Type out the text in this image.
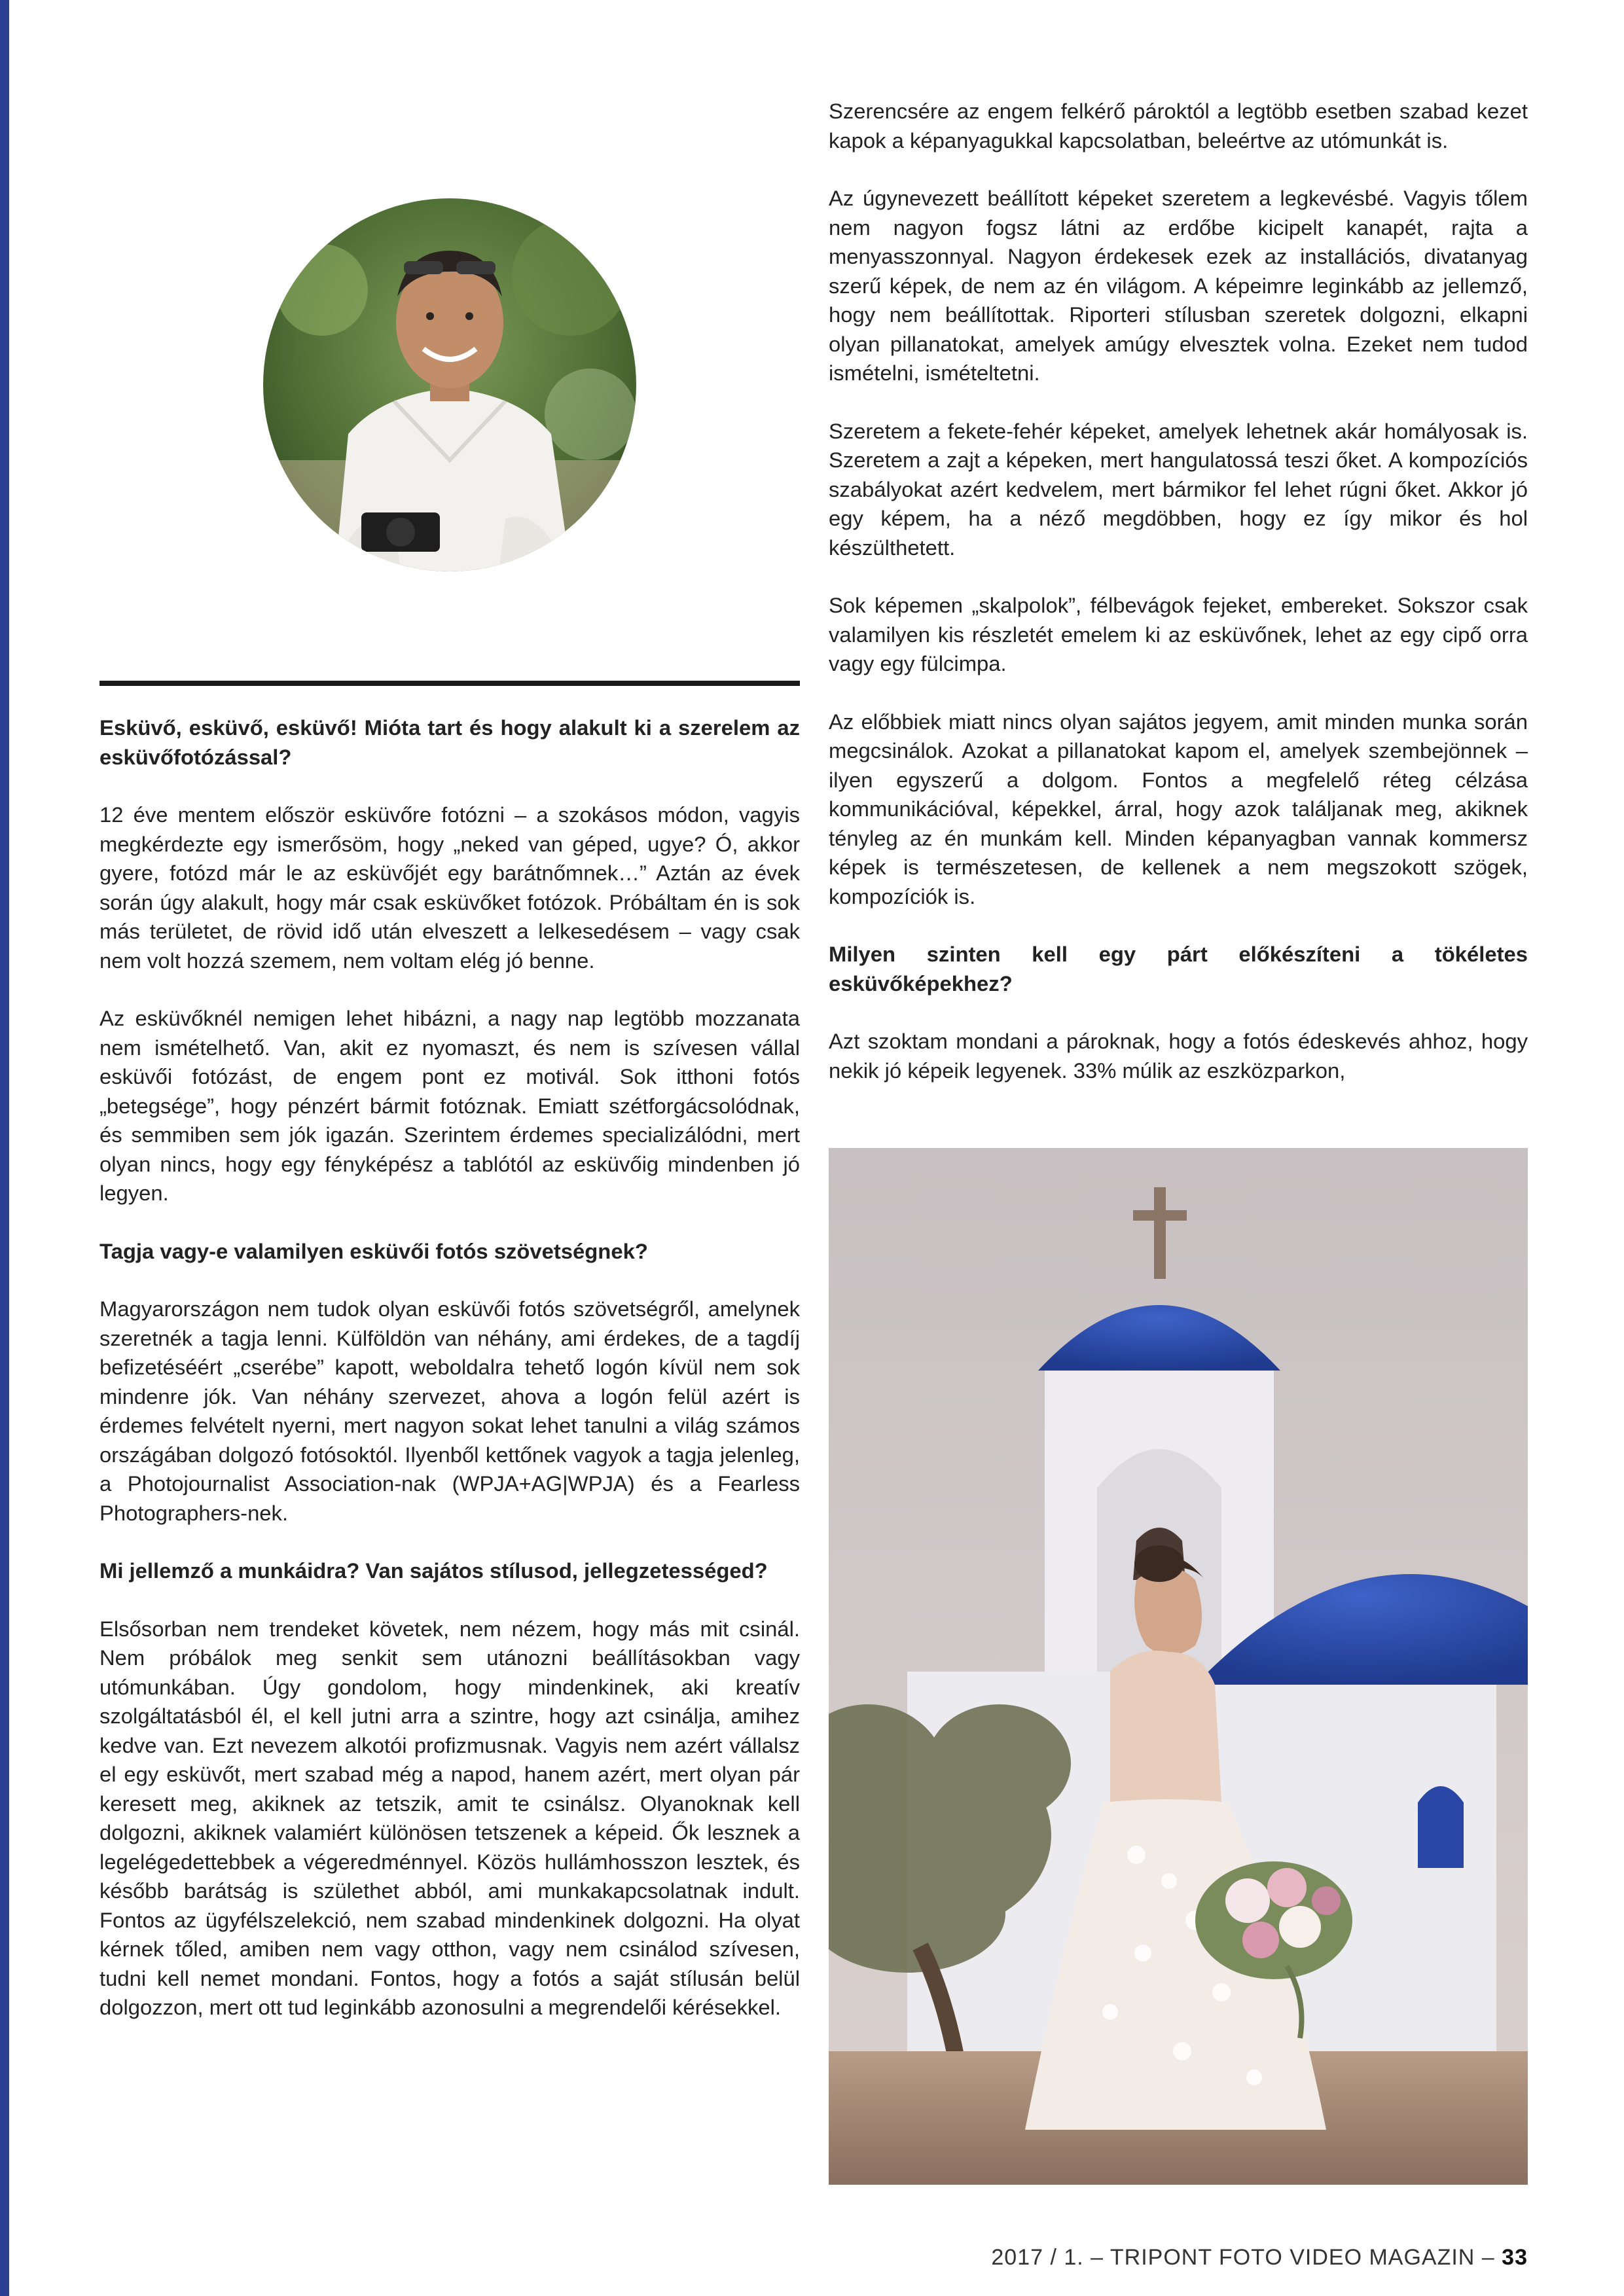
Esküvő, esküvő, esküvő! Mióta tart és hogy alakult ki a szerelem az esküvőfotózással?

12 éve mentem először esküvőre fotózni – a szokásos módon, vagyis megkérdezte egy ismerősöm, hogy „neked van géped, ugye? Ó, akkor gyere, fotózd már le az esküvőjét egy barátnőmnek…” Aztán az évek során úgy alakult, hogy már csak esküvőket fotózok. Próbáltam én is sok más területet, de rövid idő után elveszett a lelkesedésem – vagy csak nem volt hozzá szemem, nem voltam elég jó benne.

Az esküvőknél nemigen lehet hibázni, a nagy nap legtöbb mozzanata nem ismételhető. Van, akit ez nyomaszt, és nem is szívesen vállal esküvői fotózást, de engem pont ez motivál. Sok itthoni fotós „betegsége”, hogy pénzért bármit fotóznak. Emiatt szétforgácsolódnak, és semmiben sem jók igazán. Szerintem érdemes specializálódni, mert olyan nincs, hogy egy fényképész a tablótól az esküvőig mindenben jó legyen.

Tagja vagy-e valamilyen esküvői fotós szövetségnek?

Magyarországon nem tudok olyan esküvői fotós szövetségről, amelynek szeretnék a tagja lenni. Külföldön van néhány, ami érdekes, de a tagdíj befizetéséért „cserébe” kapott, weboldalra tehető logón kívül nem sok mindenre jók. Van néhány szervezet, ahova a logón felül azért is érdemes felvételt nyerni, mert nagyon sokat lehet tanulni a világ számos országában dolgozó fotósoktól. Ilyenből kettőnek vagyok a tagja jelenleg, a Photojournalist Association-nak (WPJA+AG|WPJA) és a Fearless Photographers-nek.

Mi jellemző a munkáidra? Van sajátos stílusod, jellegzetességed?

Elsősorban nem trendeket követek, nem nézem, hogy más mit csinál. Nem próbálok meg senkit sem utánozni beállításokban vagy utómunkában. Úgy gondolom, hogy mindenkinek, aki kreatív szolgáltatásból él, el kell jutni arra a szintre, hogy azt csinálja, amihez kedve van. Ezt nevezem alkotói profizmusnak. Vagyis nem azért vállalsz el egy esküvőt, mert szabad még a napod, hanem azért, mert olyan pár keresett meg, akiknek az tetszik, amit te csinálsz. Olyanoknak kell dolgozni, akiknek valamiért különösen tetszenek a képeid. Ők lesznek a legelégedettebbek a végeredménnyel. Közös hullámhosszon lesztek, és később barátság is születhet abból, ami munkakapcsolatnak indult. Fontos az ügyfélszelekció, nem szabad mindenkinek dolgozni. Ha olyat kérnek tőled, amiben nem vagy otthon, vagy nem csinálod szívesen, tudni kell nemet mondani. Fontos, hogy a fotós a saját stílusán belül dolgozzon, mert ott tud leginkább azonosulni a megrendelői kérésekkel.

Szerencsére az engem felkérő pároktól a legtöbb esetben szabad kezet kapok a képanyagukkal kapcsolatban, beleértve az utómunkát is.

Az úgynevezett beállított képeket szeretem a legkevésbé. Vagyis tőlem nem nagyon fogsz látni az erdőbe kicipelt kanapét, rajta a menyasszonnyal. Nagyon érdekesek ezek az installációs, divatanyag szerű képek, de nem az én világom. A képeimre leginkább az jellemző, hogy nem beállítottak. Riporteri stílusban szeretek dolgozni, elkapni olyan pillanatokat, amelyek amúgy elvesztek volna. Ezeket nem tudod ismételni, ismételtetni.

Szeretem a fekete-fehér képeket, amelyek lehetnek akár homályosak is. Szeretem a zajt a képeken, mert hangulatossá teszi őket. A kompozíciós szabályokat azért kedvelem, mert bármikor fel lehet rúgni őket. Akkor jó egy képem, ha a néző megdöbben, hogy ez így mikor és hol készülthetett.

Sok képemen „skalpolok”, félbevágok fejeket, embereket. Sokszor csak valamilyen kis részletét emelem ki az esküvőnek, lehet az egy cipő orra vagy egy fülcimpa.

Az előbbiek miatt nincs olyan sajátos jegyem, amit minden munka során megcsinálok. Azokat a pillanatokat kapom el, amelyek szembejönnek – ilyen egyszerű a dolgom. Fontos a megfelelő réteg célzása kommunikációval, képekkel, árral, hogy azok találjanak meg, akiknek tényleg az én munkám kell. Minden képanyagban vannak kommersz képek is természetesen, de kellenek a nem megszokott szögek, kompozíciók is.

Milyen szinten kell egy párt előkészíteni a tökéletes esküvőképekhez?

Azt szoktam mondani a pároknak, hogy a fotós édeskevés ahhoz, hogy nekik jó képeik legyenek. 33% múlik az eszközparkon,

2017 / 1. – TRIPONT FOTO VIDEO MAGAZIN – 33
